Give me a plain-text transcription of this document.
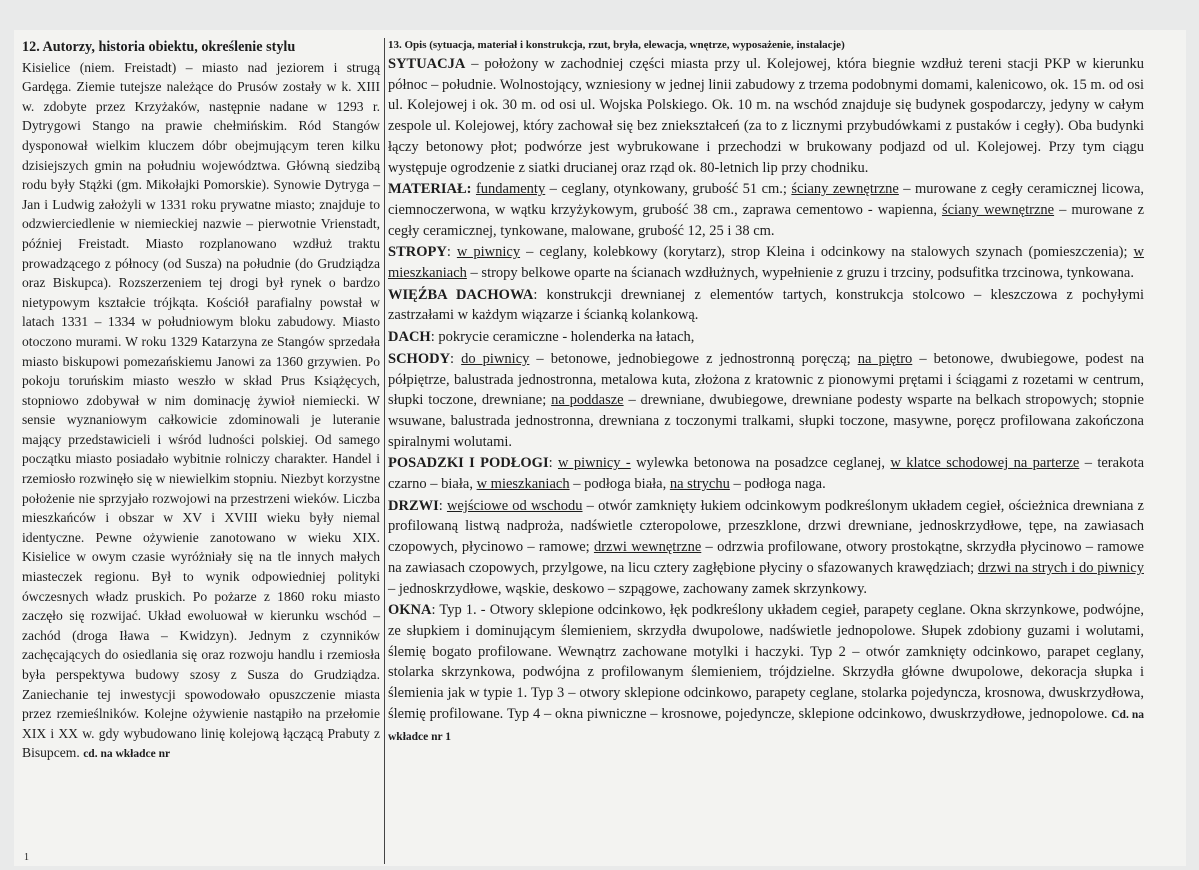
12. Autorzy, historia obiektu, określenie stylu
Kisielice (niem. Freistadt) – miasto nad jeziorem i strugą Gardęga. Ziemie tutejsze należące do Prusów zostały w k. XIII w. zdobyte przez Krzyżaków, następnie nadane w 1293 r. Dytrygowi Stango na prawie chełmińskim. Ród Stangów dysponował wielkim kluczem dóbr obejmującym teren kilku dzisiejszych gmin na południu województwa. Główną siedzibą rodu były Stążki (gm. Mikołajki Pomorskie). Synowie Dytryga – Jan i Ludwig założyli w 1331 roku prywatne miasto; znajduje to odzwierciedlenie w niemieckiej nazwie – pierwotnie Vrienstadt, później Freistadt. Miasto rozplanowano wzdłuż traktu prowadzącego z północy (od Susza) na południe (do Grudziądza oraz Biskupca). Rozszerzeniem tej drogi był rynek o bardzo nietypowym kształcie trójkąta. Kościół parafialny powstał w latach 1331 – 1334 w południowym bloku zabudowy. Miasto otoczono murami. W roku 1329 Katarzyna ze Stangów sprzedała miasto biskupowi pomezańskiemu Janowi za 1360 grzywien. Po pokoju toruńskim miasto weszło w skład Prus Książęcych, stopniowo zdobywał w nim dominację żywioł niemiecki. W sensie wyznaniowym całkowicie zdominowali je luteranie mający przedstawicieli i wśród ludności polskiej. Od samego początku miasto posiadało wybitnie rolniczy charakter. Handel i rzemiosło rozwinęło się w niewielkim stopniu. Niezbyt korzystne położenie nie sprzyjało rozwojowi na przestrzeni wieków. Liczba mieszkańców i obszar w XV i XVIII wieku były niemal identyczne. Pewne ożywienie zanotowano w wieku XIX. Kisielice w owym czasie wyróżniały się na tle innych małych miasteczek regionu. Był to wynik odpowiedniej polityki ówczesnych władz pruskich. Po pożarze z 1860 roku miasto zaczęło się rozwijać. Układ ewoluował w kierunku wschód – zachód (droga Iława – Kwidzyn). Jednym z czynników zachęcających do osiedlania się oraz rozwoju handlu i rzemiosła była perspektywa budowy szosy z Susza do Grudziądza. Zaniechanie tej inwestycji spowodowało opuszczenie miasta przez rzemieślników. Kolejne ożywienie nastąpiło na przełomie XIX i XX w. gdy wybudowano linię kolejową łączącą Prabuty z Bisupcem. cd. na wkładce nr
1
13. Opis (sytuacja, materiał i konstrukcja, rzut, bryła, elewacja, wnętrze, wyposażenie, instalacje)

SYTUACJA – położony w zachodniej części miasta przy ul. Kolejowej, która biegnie wzdłuż tereni stacji PKP w kierunku północ – południe. Wolnostojący, wzniesiony w jednej linii zabudowy z trzema podobnymi domami, kalenicowo, ok. 15 m. od osi ul. Kolejowej i ok. 30 m. od osi ul. Wojska Polskiego. Ok. 10 m. na wschód znajduje się budynek gospodarczy, jedyny w całym zespole ul. Kolejowej, który zachował się bez zniekształceń (za to z licznymi przybudówkami z pustaków i cegły). Oba budynki łączy betonowy płot; podwórze jest wybrukowane i przechodzi w brukowany podjazd od ul. Kolejowej. Przy tym ciągu występuje ogrodzenie z siatki drucianej oraz rząd ok. 80-letnich lip przy chodniku.

MATERIAŁ: fundamenty – ceglany, otynkowany, grubość 51 cm.; ściany zewnętrzne – murowane z cegły ceramicznej licowa, ciemnoczerwona, w wątku krzyżykowym, grubość 38 cm., zaprawa cementowo - wapienna, ściany wewnętrzne – murowane z cegły ceramicznej, tynkowane, malowane, grubość 12, 25 i 38 cm.

STROPY: w piwnicy – ceglany, kolebkowy (korytarz), strop Kleina i odcinkowy na stalowych szynach (pomieszczenia); w mieszkaniach – stropy belkowe oparte na ścianach wzdłużnych, wypełnienie z gruzu i trzciny, podsufitka trzcinowa, tynkowana.

WIĘŹBA DACHOWA: konstrukcji drewnianej z elementów tartych, konstrukcja stolcowo – kleszczowa z pochyłymi zastrzałami w każdym wiązarze i ścianką kolankową.

DACH: pokrycie ceramiczne - holenderka na łatach,

SCHODY: do piwnicy – betonowe, jednobiegowe z jednostronną poręczą; na piętro – betonowe, dwubiegowe, podest na półpiętrze, balustrada jednostronna, metalowa kuta, złożona z kratownic z pionowymi prętami i ściągami z rozetami w centrum, słupki toczone, drewniane; na poddasze – drewniane, dwubiegowe, drewniane podesty wsparte na belkach stropowych; stopnie wsuwane, balustrada jednostronna, drewniana z toczonymi tralkami, słupki toczone, masywne, poręcz profilowana zakończona spiralnymi wolutami.

POSADZKI I PODŁOGI: w piwnicy - wylewka betonowa na posadzce ceglanej, w klatce schodowej na parterze – terakota czarno – biała, w mieszkaniach – podłoga biała, na strychu – podłoga naga.

DRZWI: wejściowe od wschodu – otwór zamknięty łukiem odcinkowym podkreślonym układem cegieł, ościeżnica drewniana z profilowaną listwą nadproża, nadświetle czteropolowe, przeszklone, drzwi drewniane, jednoskrzydłowe, tępe, na zawiasach czopowych, płycinowo – ramowe; drzwi wewnętrzne – odrzwia profilowane, otwory prostokątne, skrzydła płycinowo – ramowe na zawiasach czopowych, przylgowe, na licu cztery zagłębione płyciny o sfazowanych krawędziach; drzwi na strych i do piwnicy – jednoskrzydłowe, wąskie, deskowo – szpągowe, zachowany zamek skrzynkowy.

OKNA: Typ 1. - Otwory sklepione odcinkowo, łęk podkreślony układem cegieł, parapety ceglane. Okna skrzynkowe, podwójne, ze słupkiem i dominującym ślemieniem, skrzydła dwupolowe, nadświetle jednopolowe. Słupek zdobiony guzami i wolutami, ślemię bogato profilowane. Wewnątrz zachowane motylki i haczyki. Typ 2 – otwór zamknięty odcinkowo, parapet ceglany, stolarka skrzynkowa, podwójna z profilowanym ślemieniem, trójdzielne. Skrzydła główne dwupolowe, dekoracja słupka i ślemienia jak w typie 1. Typ 3 – otwory sklepione odcinkowo, parapety ceglane, stolarka pojedyncza, krosnowa, dwuskrzydłowa, ślemię profilowane. Typ 4 – okna piwniczne – krosnowe, pojedyncze, sklepione odcinkowo, dwuskrzydłowe, jednopolowe. Cd. na wkładce nr 1
